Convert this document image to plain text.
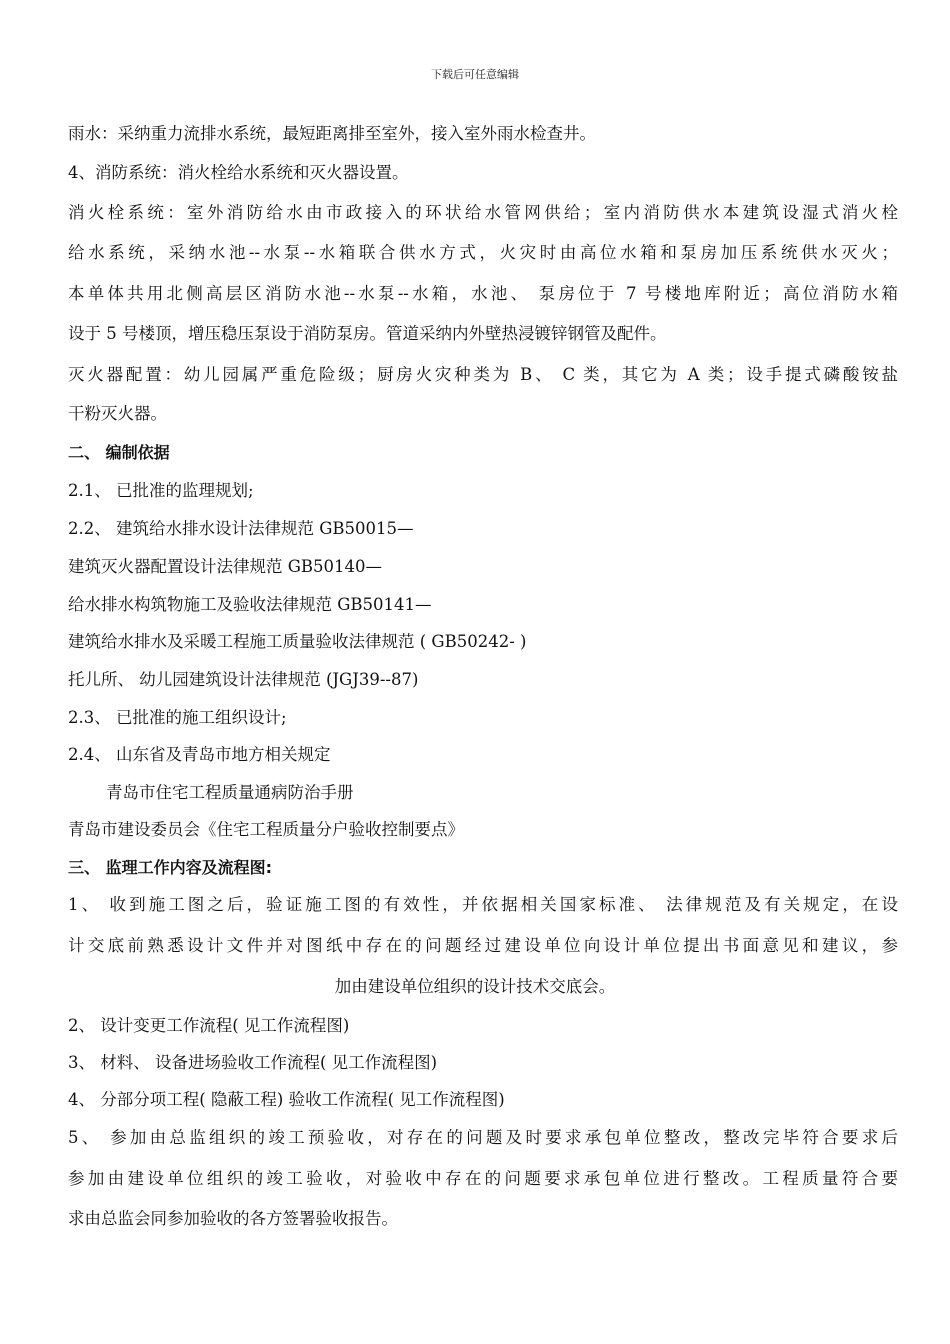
下载后可任意编辑
雨水：采纳重力流排水系统，最短距离排至室外，接入室外雨水检查井。
4、消防系统：消火栓给水系统和灭火器设置。
消火栓系统：室外消防给水由市政接入的环状给水管网供给；室内消防供水本建筑设湿式消火栓
给水系统，采纳水池--水泵--水箱联合供水方式，火灾时由高位水箱和泵房加压系统供水灭火；
本单体共用北侧高层区消防水池--水泵--水箱，水池、 泵房位于 7 号楼地库附近；高位消防水箱
设于 5 号楼顶，增压稳压泵设于消防泵房。管道采纳内外壁热浸镀锌钢管及配件。
灭火器配置：幼儿园属严重危险级；厨房火灾种类为 B、 C 类，其它为 A 类；设手提式磷酸铵盐
干粉灭火器。
二、 编制依据
2.1、 已批准的监理规划;
2.2、 建筑给水排水设计法律规范 GB50015—
建筑灭火器配置设计法律规范 GB50140—
给水排水构筑物施工及验收法律规范 GB50141—
建筑给水排水及采暖工程施工质量验收法律规范 ( GB50242- )
托儿所、 幼儿园建筑设计法律规范 (JGJ39--87)
2.3、 已批准的施工组织设计;
2.4、 山东省及青岛市地方相关规定
青岛市住宅工程质量通病防治手册
青岛市建设委员会《住宅工程质量分户验收控制要点》
三、 监理工作内容及流程图:
1、 收到施工图之后，验证施工图的有效性，并依据相关国家标准、 法律规范及有关规定，在设
计交底前熟悉设计文件并对图纸中存在的问题经过建设单位向设计单位提出书面意见和建议，参
加由建设单位组织的设计技术交底会。
2、 设计变更工作流程( 见工作流程图)
3、 材料、 设备进场验收工作流程( 见工作流程图)
4、 分部分项工程( 隐蔽工程) 验收工作流程( 见工作流程图)
5、 参加由总监组织的竣工预验收，对存在的问题及时要求承包单位整改，整改完毕符合要求后
参加由建设单位组织的竣工验收，对验收中存在的问题要求承包单位进行整改。工程质量符合要
求由总监会同参加验收的各方签署验收报告。
